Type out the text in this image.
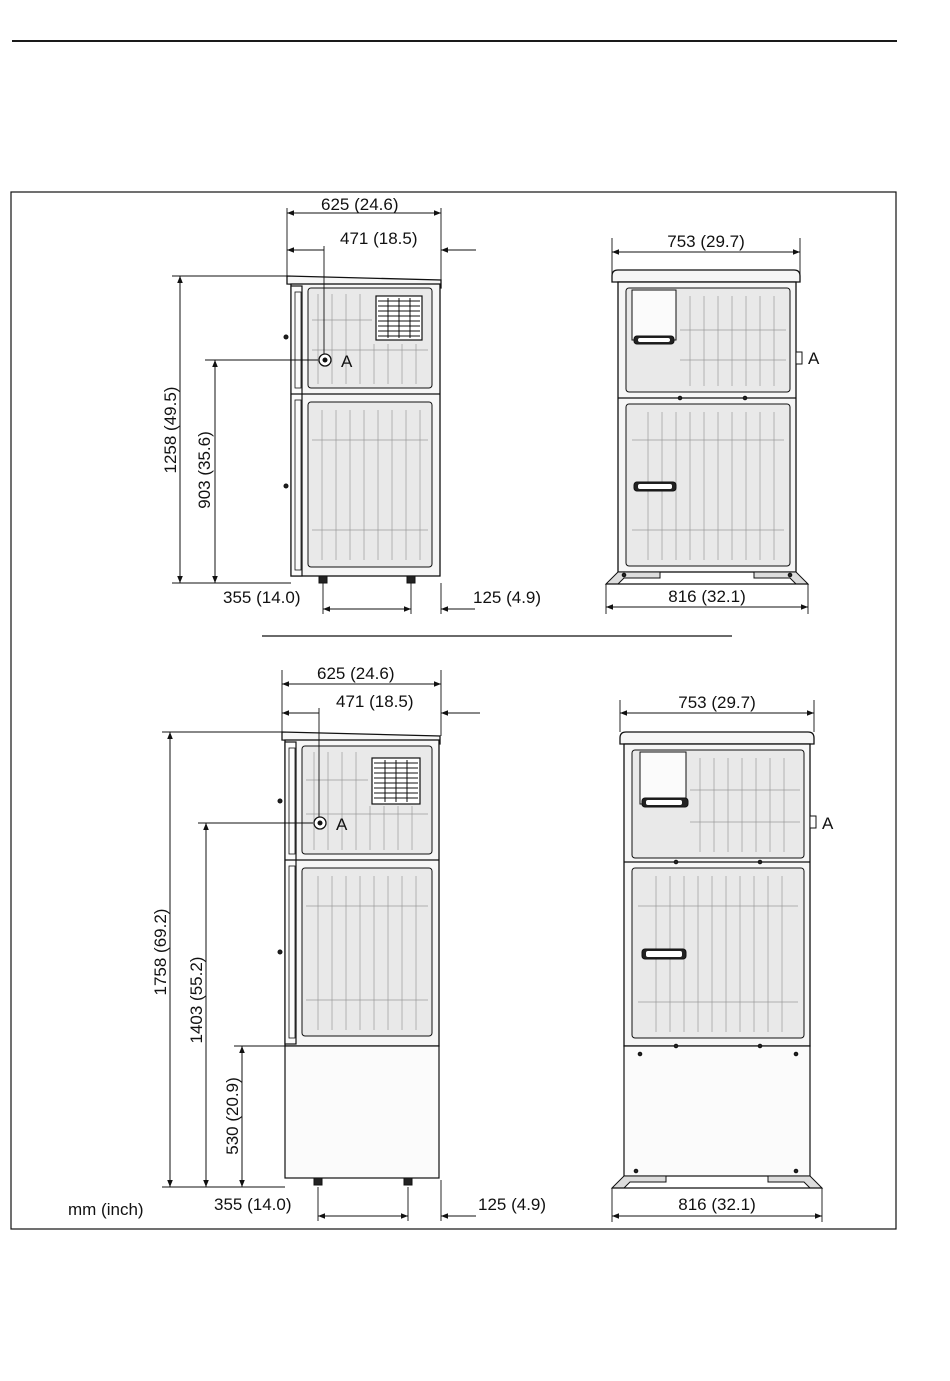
A
625 (24.6)
471 (18.5)
1258 (49.5) 903 (35.6)
355 (14.0)	125 (4.9)
A
753 (29.7)
816 (32.1)
A
625 (24.6)
471 (18.5)
1758 (69.2)
1403 (55.2)
530 (20.9)
355 (14.0)	125 (4.9)
mm (inch)
A
753 (29.7)
816 (32.1)
